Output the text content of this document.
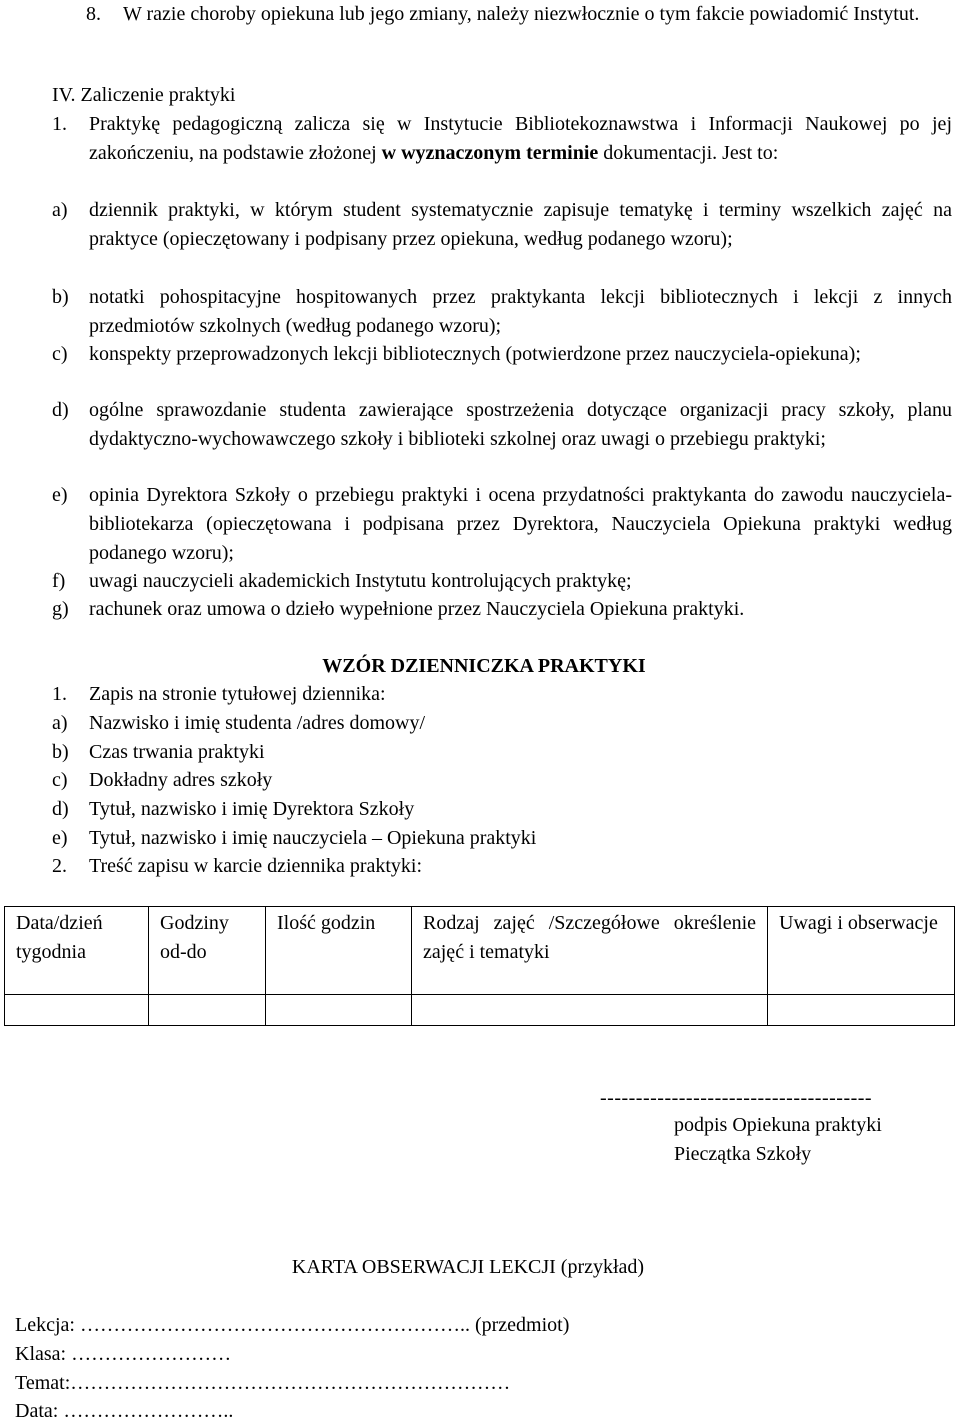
8.	W razie choroby opiekuna lub jego zmiany, należy niezwłocznie o tym fakcie powiadomić Instytut.
IV. Zaliczenie praktyki
1.	Praktykę pedagogiczną zalicza się w Instytucie Bibliotekoznawstwa i Informacji Naukowej po jej zakończeniu, na podstawie złożonej w wyznaczonym terminie dokumentacji. Jest to:
a)	dziennik praktyki, w którym student systematycznie zapisuje tematykę i terminy wszelkich zajęć na praktyce (opieczętowany i podpisany przez opiekuna, według podanego wzoru);
b)	notatki pohospitacyjne hospitowanych przez praktykanta lekcji bibliotecznych i lekcji z innych przedmiotów szkolnych (według podanego wzoru);
c)	konspekty przeprowadzonych lekcji bibliotecznych (potwierdzone przez nauczyciela-opiekuna);
d)	ogólne sprawozdanie studenta zawierające spostrzeżenia dotyczące organizacji pracy szkoły, planu dydaktyczno-wychowawczego szkoły i biblioteki szkolnej oraz uwagi o przebiegu praktyki;
e)	opinia Dyrektora Szkoły o przebiegu praktyki i ocena przydatności praktykanta do zawodu nauczyciela-bibliotekarza (opieczętowana i podpisana przez Dyrektora, Nauczyciela Opiekuna praktyki według podanego wzoru);
f)	uwagi nauczycieli akademickich Instytutu kontrolujących praktykę;
g)	rachunek oraz umowa o dzieło wypełnione przez Nauczyciela Opiekuna praktyki.
WZÓR DZIENNICZKA PRAKTYKI
1.	Zapis na stronie tytułowej dziennika:
a)	Nazwisko i imię studenta /adres domowy/
b)	Czas trwania praktyki
c)	Dokładny adres szkoły
d)	Tytuł, nazwisko i imię Dyrektora Szkoły
e)	Tytuł, nazwisko i imię nauczyciela – Opiekuna praktyki
2.	Treść zapisu w karcie dziennika praktyki:
Data/dzień tygodnia	Godziny od-do	Ilość godzin	Rodzaj zajęć /Szczegółowe określenie zajęć i tematyki	Uwagi i obserwacje

--------------------------------------
podpis Opiekuna praktyki
Pieczątka Szkoły
KARTA OBSERWACJI LEKCJI (przykład)
Lekcja: ………………………………………………….. (przedmiot)
Klasa: ……………………
Temat:…………………………………………………………
Data: ……………………..
